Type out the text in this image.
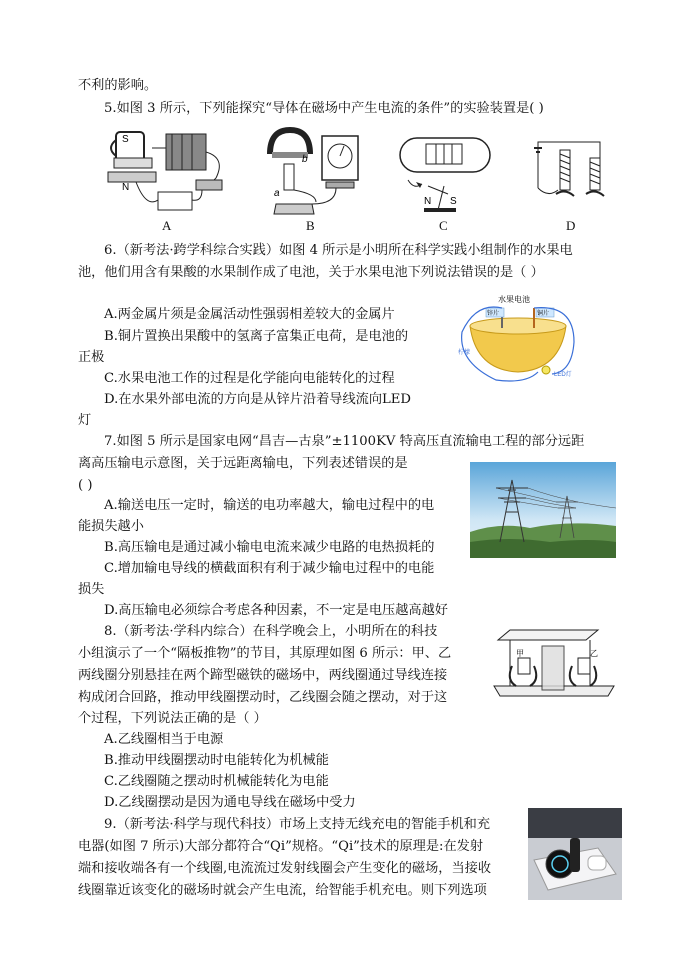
不利的影响。
5.如图 3 所示，下列能探究“导体在磁场中产生电流的条件”的实验装置是( )
S
N
A
a
b
B
N S
C	D
6.（新考法·跨学科综合实践）如图 4 所示是小明所在科学实践小组制作的水果电
池，他们用含有果酸的水果制作成了电池，关于水果电池下列说法错误的是（ ）
A.两金属片须是金属活动性强弱相差较大的金属片
B.铜片置换出果酸中的氢离子富集正电荷，是电池的
正极
C.水果电池工作的过程是化学能向电能转化的过程
D.在水果外部电流的方向是从锌片沿着导线流向LED
灯
水果电池
锌片	铜片
柠檬
LED灯
7.如图 5 所示是国家电网“昌吉—古泉”±1100KV 特高压直流输电工程的部分远距
离高压输电示意图，关于远距离输电，下列表述错误的是
( )
A.输送电压一定时，输送的电功率越大，输电过程中的电
能损失越小
B.高压输电是通过减小输电电流来减少电路的电热损耗的
C.增加输电导线的横截面积有利于减少输电过程中的电能
损失
D.高压输电必须综合考虑各种因素，不一定是电压越高越好
8.（新考法·学科内综合）在科学晚会上，小明所在的科技
小组演示了一个“隔板推物”的节目，其原理如图 6 所示：甲、乙
两线圈分别悬挂在两个蹄型磁铁的磁场中，两线圈通过导线连接
构成闭合回路，推动甲线圈摆动时，乙线圈会随之摆动，对于这
个过程，下列说法正确的是（ ）
A.乙线圈相当于电源
B.推动甲线圈摆动时电能转化为机械能
C.乙线圈随之摆动时机械能转化为电能
D.乙线圈摆动是因为通电导线在磁场中受力
甲	乙
9.（新考法·科学与现代科技）市场上支持无线充电的智能手机和充
电器(如图 7 所示)大部分都符合“Qi”规格。“Qi”技术的原理是:在发射
端和接收端各有一个线圈,电流流过发射线圈会产生变化的磁场，当接收
线圈靠近该变化的磁场时就会产生电流，给智能手机充电。则下列选项
